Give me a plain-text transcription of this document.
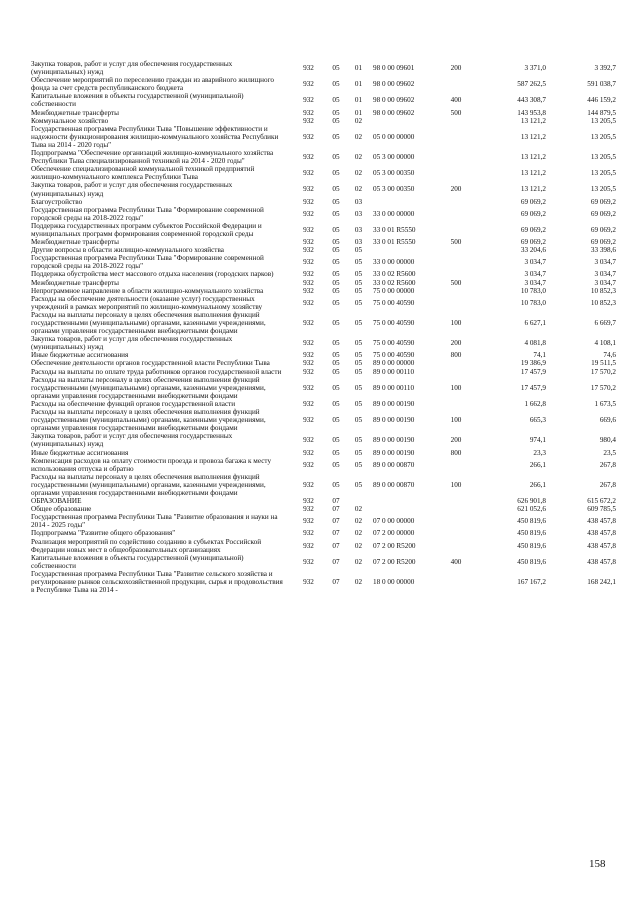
Закупка товаров, работ и услуг для обеспечения государственных (муниципальных) нужд	932	05	01	98 0 00 09601	200	3 371,0	3 392,7
Обеспечение мероприятий по переселению граждан из аварийного жилищного фонда за счет средств республиканского бюджета	932	05	01	98 0 00 09602		587 262,5	591 038,7
Капитальные вложения в объекты государственной (муниципальной) собственности	932	05	01	98 0 00 09602	400	443 308,7	446 159,2
Межбюджетные трансферты	932	05	01	98 0 00 09602	500	143 953,8	144 879,5
Коммунальное хозяйство	932	05	02			13 121,2	13 205,5
Государственная программа Республики Тыва "Повышение эффективности и надежности функционирования жилищно-коммунального хозяйства Республики Тыва на 2014 - 2020 годы"	932	05	02	05 0 00 00000		13 121,2	13 205,5
Подпрограмма "Обеспечение организаций жилищно-коммунального хозяйства Республики Тыва специализированной техникой на 2014 - 2020 годы"	932	05	02	05 3 00 00000		13 121,2	13 205,5
Обеспечение специализированной коммунальной техникой предприятий жилищно-коммунального комплекса Республики Тыва	932	05	02	05 3 00 00350		13 121,2	13 205,5
Закупка товаров, работ и услуг для обеспечения государственных (муниципальных) нужд	932	05	02	05 3 00 00350	200	13 121,2	13 205,5
Благоустройство	932	05	03			69 069,2	69 069,2
Государственная программа Республики Тыва "Формирование современной городской среды на 2018-2022 годы"	932	05	03	33 0 00 00000		69 069,2	69 069,2
Поддержка государственных программ субъектов Российской Федерации и муниципальных программ формирования современной городской среды	932	05	03	33 0 01 R5550		69 069,2	69 069,2
Межбюджетные трансферты	932	05	03	33 0 01 R5550	500	69 069,2	69 069,2
Другие вопросы в области жилищно-коммунального хозяйства	932	05	05			33 204,6	33 398,6
Государственная программа Республики Тыва "Формирование современной городской среды на 2018-2022 годы"	932	05	05	33 0 00 00000		3 034,7	3 034,7
Поддержка обустройства мест массового отдыха населения (городских парков)	932	05	05	33 0 02 R5600		3 034,7	3 034,7
Межбюджетные трансферты	932	05	05	33 0 02 R5600	500	3 034,7	3 034,7
Непрограммное направление в области жилищно-коммунального хозяйства	932	05	05	75 0 00 00000		10 783,0	10 852,3
Расходы на обеспечение деятельности (оказание услуг) государственных учреждений в рамках мероприятий по жилищно-коммунальному хозяйству	932	05	05	75 0 00 40590		10 783,0	10 852,3
Расходы на выплаты персоналу в целях обеспечения выполнения функций государственными (муниципальными) органами, казенными учреждениями, органами управления государственными внебюджетными фондами	932	05	05	75 0 00 40590	100	6 627,1	6 669,7
Закупка товаров, работ и услуг для обеспечения государственных (муниципальных) нужд	932	05	05	75 0 00 40590	200	4 081,8	4 108,1
Иные бюджетные ассигнования	932	05	05	75 0 00 40590	800	74,1	74,6
Обеспечение деятельности органов государственной власти Республики Тыва	932	05	05	89 0 00 00000		19 386,9	19 511,5
Расходы на выплаты по оплате труда работников органов государственной власти	932	05	05	89 0 00 00110		17 457,9	17 570,2
Расходы на выплаты персоналу в целях обеспечения выполнения функций государственными (муниципальными) органами, казенными учреждениями, органами управления государственными внебюджетными фондами	932	05	05	89 0 00 00110	100	17 457,9	17 570,2
Расходы на обеспечение функций органов государственной власти	932	05	05	89 0 00 00190		1 662,8	1 673,5
Расходы на выплаты персоналу в целях обеспечения выполнения функций государственными (муниципальными) органами, казенными учреждениями, органами управления государственными внебюджетными фондами	932	05	05	89 0 00 00190	100	665,3	669,6
Закупка товаров, работ и услуг для обеспечения государственных (муниципальных) нужд	932	05	05	89 0 00 00190	200	974,1	980,4
Иные бюджетные ассигнования	932	05	05	89 0 00 00190	800	23,3	23,5
Компенсация расходов на оплату стоимости проезда и провоза багажа к месту использования отпуска и обратно	932	05	05	89 0 00 00870		266,1	267,8
Расходы на выплаты персоналу в целях обеспечения выполнения функций государственными (муниципальными) органами, казенными учреждениями, органами управления государственными внебюджетными фондами	932	05	05	89 0 00 00870	100	266,1	267,8
ОБРАЗОВАНИЕ	932	07				626 901,8	615 672,2
Общее образование	932	07	02			621 052,6	609 785,5
Государственная программа Республики Тыва "Развитие образования и науки на 2014 - 2025 годы"	932	07	02	07 0 00 00000		450 819,6	438 457,8
Подпрограмма "Развитие общего образования"	932	07	02	07 2 00 00000		450 819,6	438 457,8
Реализация мероприятий по содействию созданию в субъектах Российской Федерации новых мест в общеобразовательных организациях	932	07	02	07 2 00 R5200		450 819,6	438 457,8
Капитальные вложения в объекты государственной (муниципальной) собственности	932	07	02	07 2 00 R5200	400	450 819,6	438 457,8
Государственная программа Республики Тыва "Развитие сельского хозяйства и регулирование рынков сельскохозяйственной продукции, сырья и продовольствия в Республике Тыва на 2014 -	932	07	02	18 0 00 00000		167 167,2	168 242,1
158
